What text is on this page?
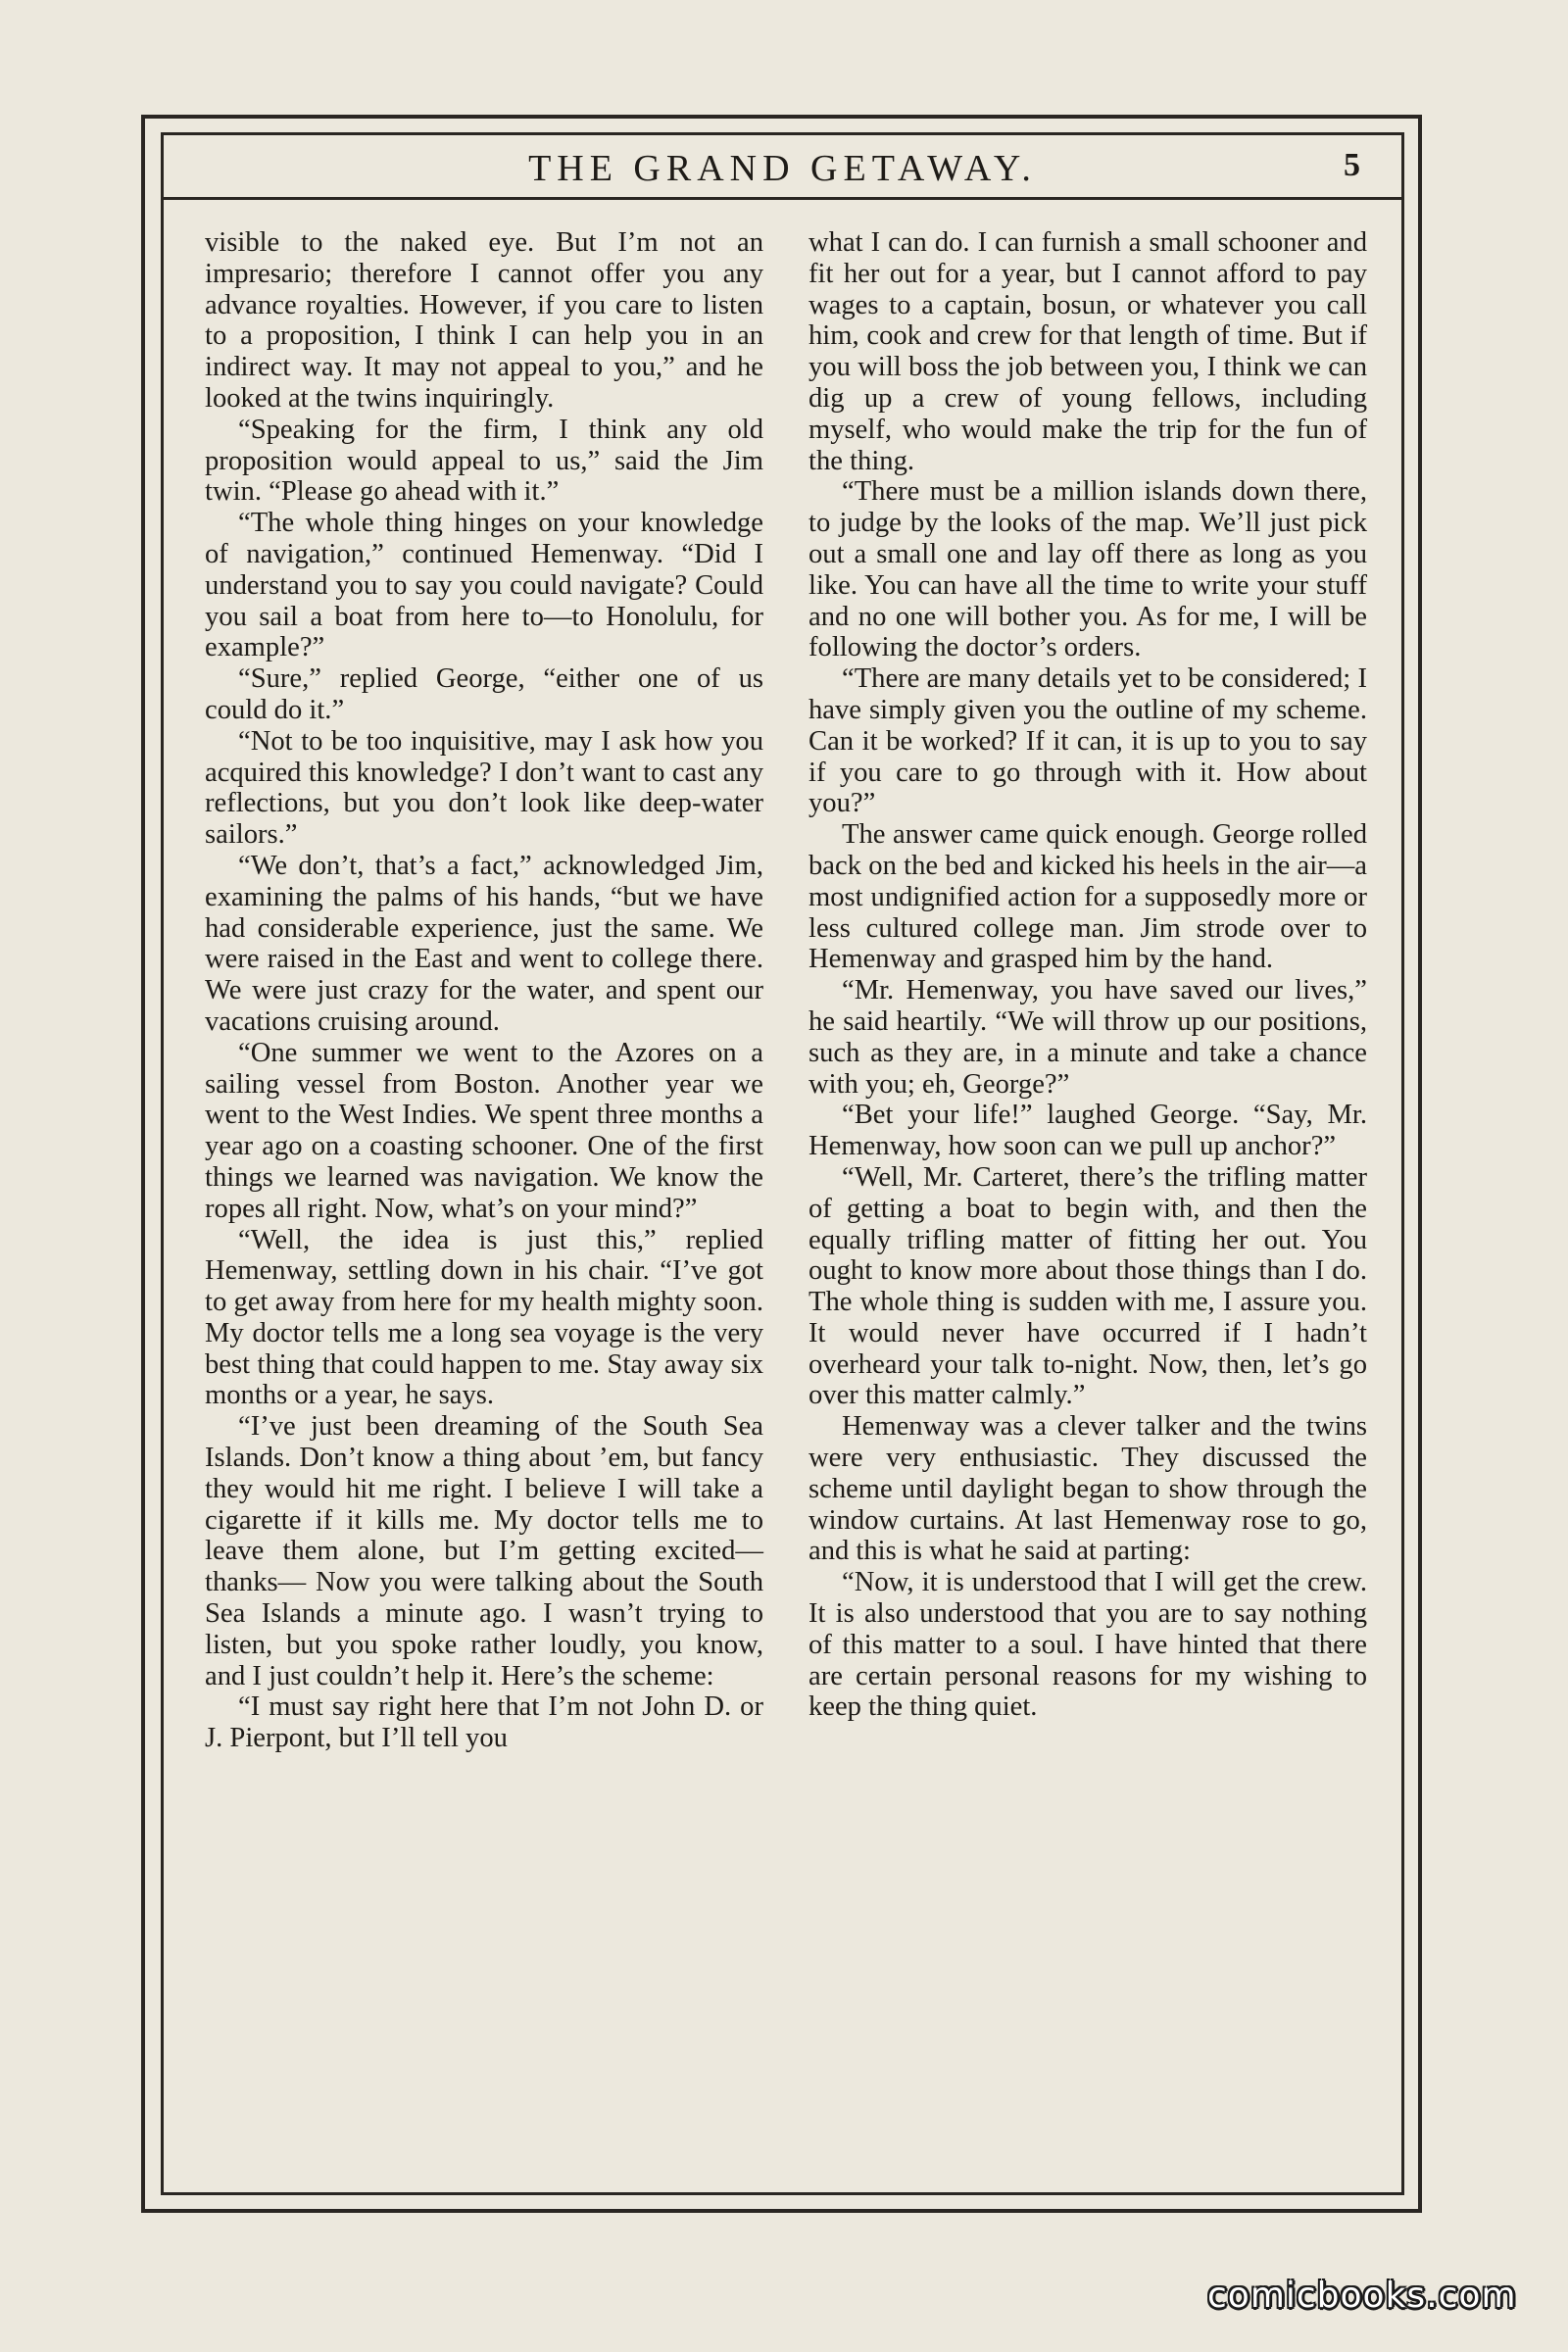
THE GRAND GETAWAY.	5

visible to the naked eye. But I’m not an impresario; therefore I cannot offer you any advance royalties. However, if you care to listen to a proposition, I think I can help you in an indirect way. It may not appeal to you,” and he looked at the twins inquiringly.

“Speaking for the firm, I think any old proposition would appeal to us,” said the Jim twin. “Please go ahead with it.”

“The whole thing hinges on your knowledge of navigation,” continued Hemenway. “Did I understand you to say you could navigate? Could you sail a boat from here to—to Honolulu, for example?”

“Sure,” replied George, “either one of us could do it.”

“Not to be too inquisitive, may I ask how you acquired this knowledge? I don’t want to cast any reflections, but you don’t look like deep-water sailors.”

“We don’t, that’s a fact,” acknowledged Jim, examining the palms of his hands, “but we have had considerable experience, just the same. We were raised in the East and went to college there. We were just crazy for the water, and spent our vacations cruising around.

“One summer we went to the Azores on a sailing vessel from Boston. Another year we went to the West Indies. We spent three months a year ago on a coasting schooner. One of the first things we learned was navigation. We know the ropes all right. Now, what’s on your mind?”

“Well, the idea is just this,” replied Hemenway, settling down in his chair. “I’ve got to get away from here for my health mighty soon. My doctor tells me a long sea voyage is the very best thing that could happen to me. Stay away six months or a year, he says.

“I’ve just been dreaming of the South Sea Islands. Don’t know a thing about ’em, but fancy they would hit me right. I believe I will take a cigarette if it kills me. My doctor tells me to leave them alone, but I’m getting excited—thanks— Now you were talking about the South Sea Islands a minute ago. I wasn’t trying to listen, but you spoke rather loudly, you know, and I just couldn’t help it. Here’s the scheme:

“I must say right here that I’m not John D. or J. Pierpont, but I’ll tell you

what I can do. I can furnish a small schooner and fit her out for a year, but I cannot afford to pay wages to a captain, bosun, or whatever you call him, cook and crew for that length of time. But if you will boss the job between you, I think we can dig up a crew of young fellows, including myself, who would make the trip for the fun of the thing.

“There must be a million islands down there, to judge by the looks of the map. We’ll just pick out a small one and lay off there as long as you like. You can have all the time to write your stuff and no one will bother you. As for me, I will be following the doctor’s orders.

“There are many details yet to be considered; I have simply given you the outline of my scheme. Can it be worked? If it can, it is up to you to say if you care to go through with it. How about you?”

The answer came quick enough. George rolled back on the bed and kicked his heels in the air—a most undignified action for a supposedly more or less cultured college man. Jim strode over to Hemenway and grasped him by the hand.

“Mr. Hemenway, you have saved our lives,” he said heartily. “We will throw up our positions, such as they are, in a minute and take a chance with you; eh, George?”

“Bet your life!” laughed George. “Say, Mr. Hemenway, how soon can we pull up anchor?”

“Well, Mr. Carteret, there’s the trifling matter of getting a boat to begin with, and then the equally trifling matter of fitting her out. You ought to know more about those things than I do. The whole thing is sudden with me, I assure you. It would never have occurred if I hadn’t overheard your talk to-night. Now, then, let’s go over this matter calmly.”

Hemenway was a clever talker and the twins were very enthusiastic. They discussed the scheme until daylight began to show through the window curtains. At last Hemenway rose to go, and this is what he said at parting:

“Now, it is understood that I will get the crew. It is also understood that you are to say nothing of this matter to a soul. I have hinted that there are certain personal reasons for my wishing to keep the thing quiet.

comicbooks.com
